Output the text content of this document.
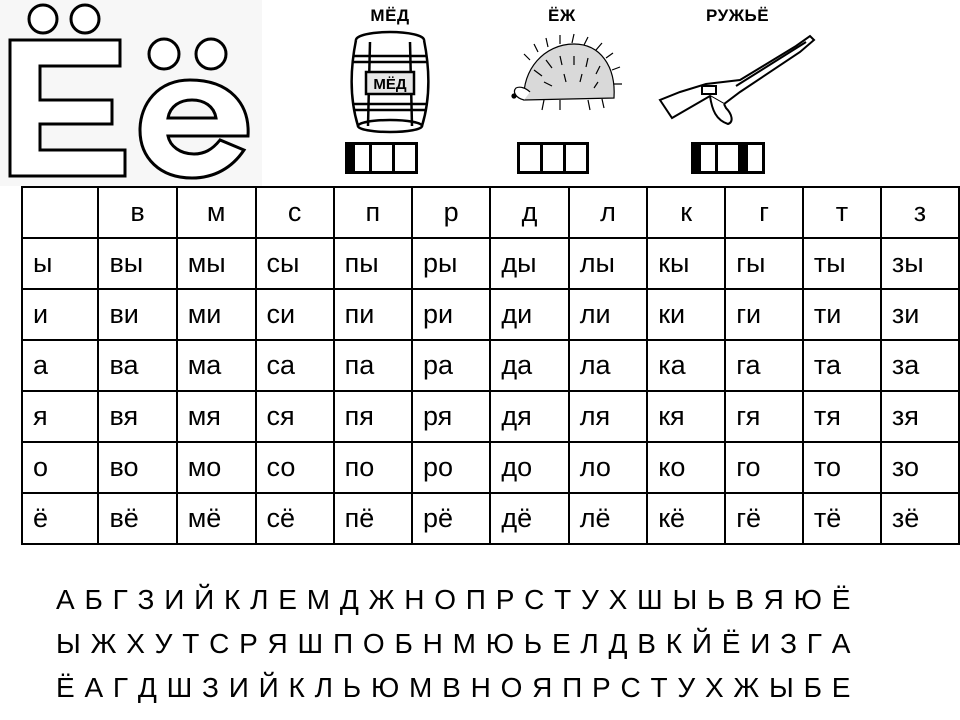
МЁД
МЁД
ЁЖ	РУЖЬЁ
	в	м	с	п	р	д	л	к	г	т	з
ы	вы	мы	сы	пы	ры	ды	лы	кы	гы	ты	зы
и	ви	ми	си	пи	ри	ди	ли	ки	ги	ти	зи
а	ва	ма	са	па	ра	да	ла	ка	га	та	за
я	вя	мя	ся	пя	ря	дя	ля	кя	гя	тя	зя
о	во	мо	со	по	ро	до	ло	ко	го	то	зо
ё	вё	мё	сё	пё	рё	дё	лё	кё	гё	тё	зё
А Б Г З И Й К Л Е М Д Ж Н О П Р С Т У Х Ш Ы Ь В Я Ю Ё
Ы Ж Х У Т С Р Я Ш П О Б Н М Ю Ь Е Л Д В К Й Ё И З Г А
Ё А Г Д Ш З И Й К Л Ь Ю М В Н О Я П Р С Т У Х Ж Ы Б Е
